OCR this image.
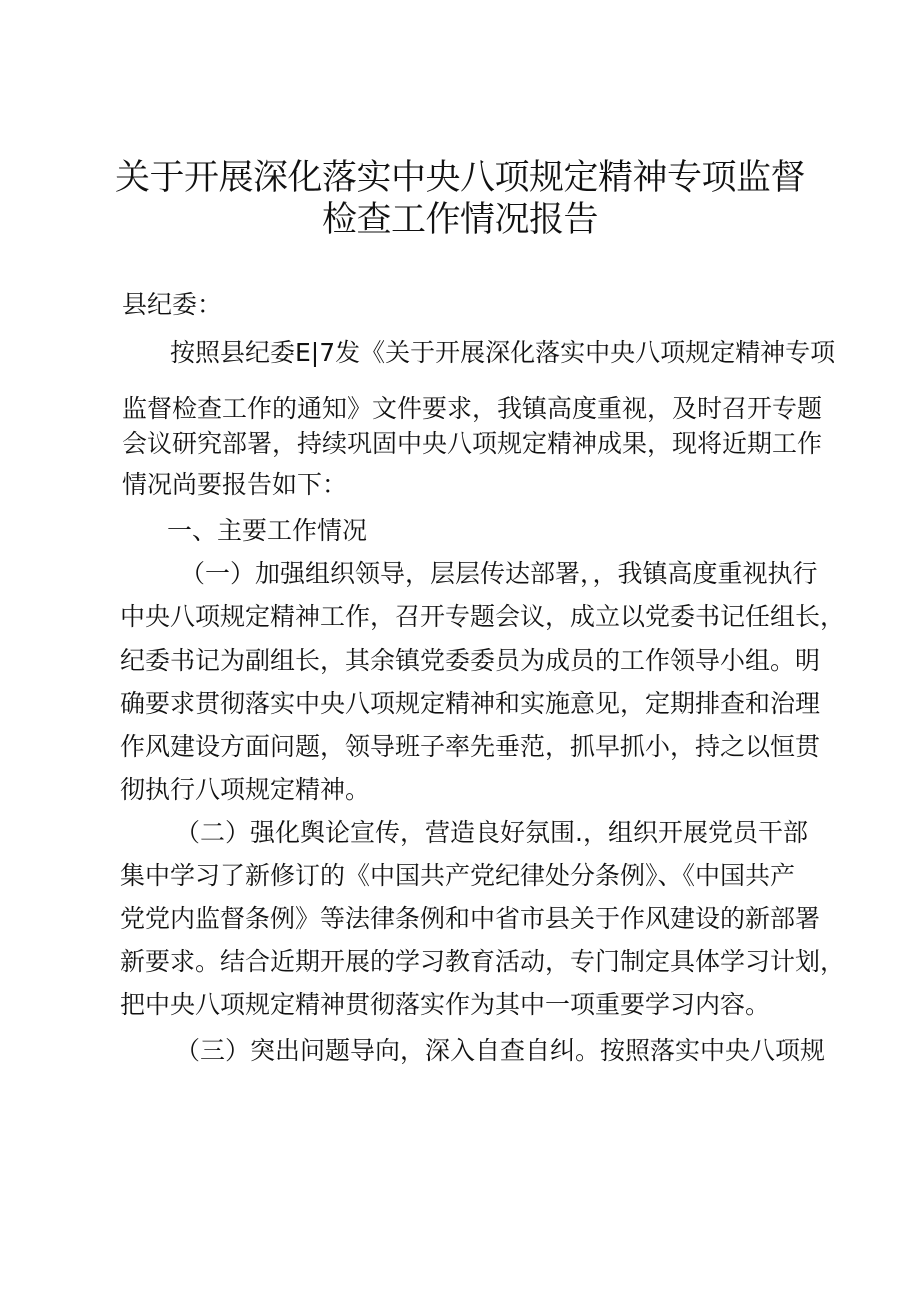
关于开展深化落实中央八项规定精神专项监督
检查工作情况报告

县纪委：

按照县纪委E|7发《关于开展深化落实中央八项规定精神专项

监督检查工作的通知》文件要求，我镇高度重视，及时召开专题

会议研究部署，持续巩固中央八项规定精神成果，现将近期工作

情况尚要报告如下：

一、主要工作情况

（一）加强组织领导，层层传达部署，，我镇高度重视执行

中央八项规定精神工作，召开专题会议，成立以党委书记任组长，

纪委书记为副组长，其余镇党委委员为成员的工作领导小组。明

确要求贯彻落实中央八项规定精神和实施意见，定期排查和治理

作风建设方面问题，领导班子率先垂范，抓早抓小，持之以恒贯

彻执行八项规定精神。

（二）强化舆论宣传，营造良好氛围.，组织开展党员干部

集中学习了新修订的《中国共产党纪律处分条例》、《中国共产

党党内监督条例》等法律条例和中省市县关于作风建设的新部署

新要求。结合近期开展的学习教育活动，专门制定具体学习计划，

把中央八项规定精神贯彻落实作为其中一项重要学习内容。

（三）突出问题导向，深入自查自纠。按照落实中央八项规
